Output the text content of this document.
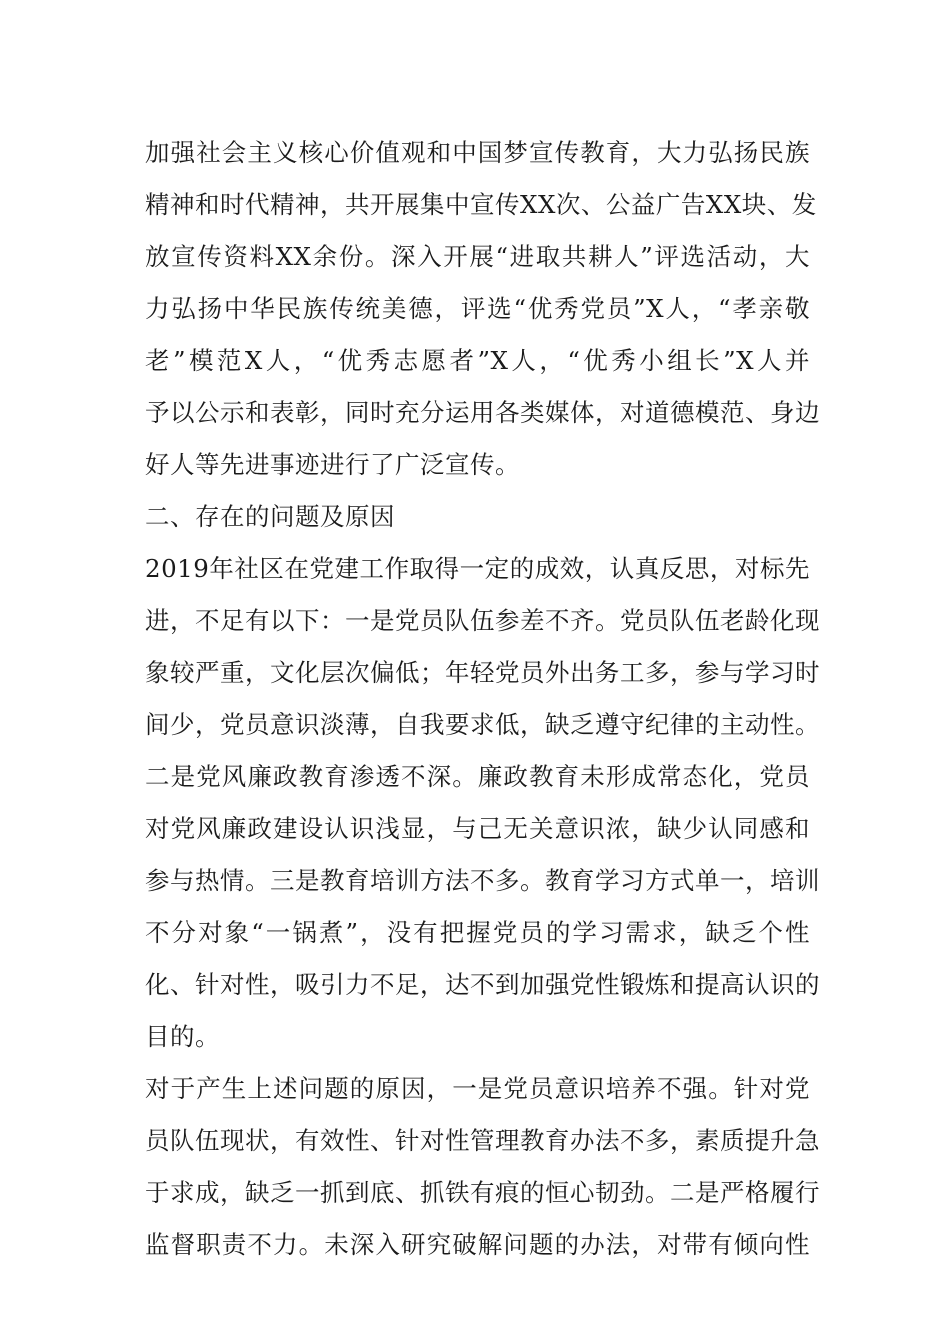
加强社会主义核心价值观和中国梦宣传教育，大力弘扬民族
精神和时代精神，共开展集中宣传XX次、公益广告XX块、发
放宣传资料XX余份。深入开展“进取共耕人”评选活动，大
力弘扬中华民族传统美德，评选“优秀党员”X人，“孝亲敬
老”模范X人，“优秀志愿者”X人，“优秀小组长”X人并
予以公示和表彰，同时充分运用各类媒体，对道德模范、身边
好人等先进事迹进行了广泛宣传。
二、存在的问题及原因
2019年社区在党建工作取得一定的成效，认真反思，对标先
进，不足有以下：一是党员队伍参差不齐。党员队伍老龄化现
象较严重，文化层次偏低；年轻党员外出务工多，参与学习时
间少，党员意识淡薄，自我要求低，缺乏遵守纪律的主动性。
二是党风廉政教育渗透不深。廉政教育未形成常态化，党员
对党风廉政建设认识浅显，与己无关意识浓，缺少认同感和
参与热情。三是教育培训方法不多。教育学习方式单一，培训
不分对象“一锅煮”，没有把握党员的学习需求，缺乏个性
化、针对性，吸引力不足，达不到加强党性锻炼和提高认识的
目的。
对于产生上述问题的原因，一是党员意识培养不强。针对党
员队伍现状，有效性、针对性管理教育办法不多，素质提升急
于求成，缺乏一抓到底、抓铁有痕的恒心韧劲。二是严格履行
监督职责不力。未深入研究破解问题的办法，对带有倾向性
